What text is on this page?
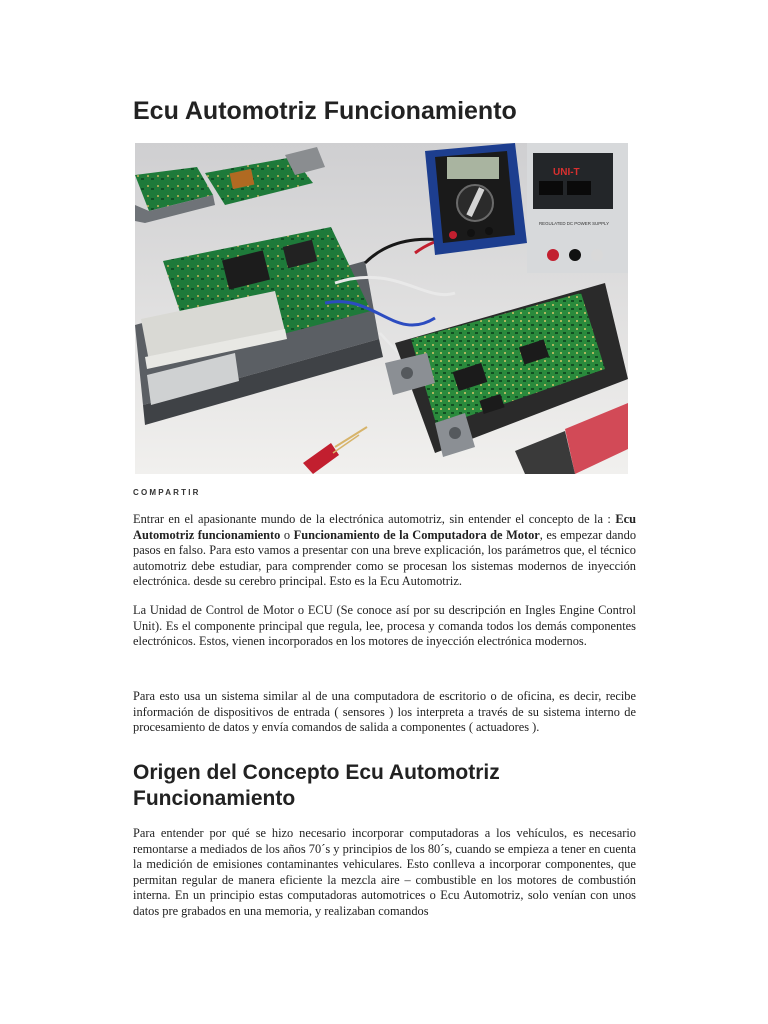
Ecu Automotriz Funcionamiento
UNI-T
REGULATED DC POWER SUPPLY
COMPARTIR

Entrar en el apasionante mundo de la electrónica automotriz, sin entender el concepto de la : Ecu Automotriz funcionamiento o Funcionamiento de la Computadora de Motor, es empezar dando pasos en falso. Para esto vamos a presentar con una breve explicación, los parámetros que, el técnico automotriz debe estudiar, para comprender como se procesan los sistemas modernos de inyección electrónica. desde su cerebro principal. Esto es la Ecu Automotriz.

La Unidad de Control de Motor o ECU (Se conoce así por su descripción en Ingles Engine Control Unit). Es el componente principal que regula, lee, procesa y comanda todos los demás componentes electrónicos. Estos, vienen incorporados en los motores de inyección electrónica modernos.

Para esto usa un sistema similar al de una computadora de escritorio o de oficina, es decir, recibe información de dispositivos de entrada ( sensores ) los interpreta a través de su sistema interno de procesamiento de datos y envía comandos de salida a componentes ( actuadores ).

Origen del Concepto Ecu Automotriz Funcionamiento

Para entender por qué se hizo necesario incorporar computadoras a los vehículos, es necesario remontarse a mediados de los años 70´s y principios de los 80´s, cuando se empieza a tener en cuenta la medición de emisiones contaminantes vehiculares. Esto conlleva a incorporar componentes, que permitan regular de manera eficiente la mezcla aire – combustible en los motores de combustión interna. En un principio estas computadoras automotrices o Ecu Automotriz, solo venían con unos datos pre grabados en una memoria, y realizaban comandos
